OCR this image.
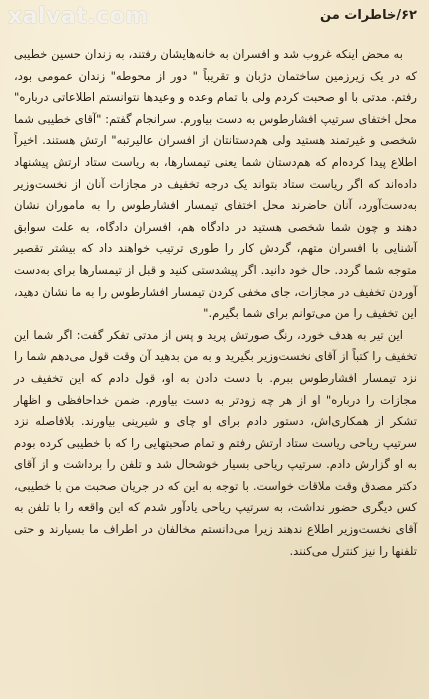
xalvat.com	۶۲/خاطرات من

به محض اینکه غروب شد و افسران به خانه‌هایشان رفتند، به زندان حسین خطیبی که در یک زیرزمین ساختمان دژبان و تقریباً " دور از محوطه" زندان عمومی بود، رفتم. مدتی با او صحبت کردم ولی با تمام وعده و وعیدها نتوانستم اطلاعاتی درباره" محل اختفای سرتیپ افشارطوس به دست بیاورم. سرانجام گفتم: "آقای خطیبی شما شخصی و غیرتمند هستید ولی هم‌دستانتان از افسران عالیرتبه" ارتش هستند. اخیراً اطلاع پیدا کرده‌ام که هم‌دستان شما یعنی تیمسارها، به ریاست ستاد ارتش پیشنهاد داده‌اند که اگر ریاست ستاد بتواند یک درجه تخفیف در مجازات آنان از نخست‌وزیر به‌دست‌آورد، آنان حاضرند محل اختفای تیمسار افشارطوس را به ماموران نشان دهند و چون شما شخصی هستید در دادگاه هم، افسران دادگاه، به علت سوابق آشنایی با افسران متهم، گردش کار را طوری ترتیب خواهند داد که بیشتر تقصیر متوجه شما گردد. حال خود دانید. اگر پیشدستی کنید و قبل از تیمسارها برای به‌دست آوردن تخفیف در مجازات، جای مخفی کردن تیمسار افشارطوس را به ما نشان دهید، این تخفیف را من می‌توانم برای شما بگیرم."

این تیر به هدف خورد، رنگ صورتش پرید و پس از مدتی تفکر گفت: اگر شما این تخفیف را کتباً از آقای نخست‌وزیر بگیرید و به من بدهید آن وقت قول می‌دهم شما را نزد تیمسار افشارطوس ببرم. با دست دادن به او، قول دادم که این تخفیف در مجازات را درباره" او از هر چه زودتر به دست بیاورم. ضمن خداحافظی و اظهار تشکر از همکاری‌اش، دستور دادم برای او چای و شیرینی بیاورند. بلافاصله نزد سرتیپ ریاحی ریاست ستاد ارتش رفتم و تمام صحبتهایی را که با خطیبی کرده بودم به او گزارش دادم. سرتیپ ریاحی بسیار خوشحال شد و تلفن را برداشت و از آقای دکتر مصدق وقت ملاقات خواست. با توجه به این که در جریان صحبت من با خطیبی، کس دیگری حضور نداشت، به سرتیپ ریاحی یادآور شدم که این واقعه را با تلفن به آقای نخست‌وزیر اطلاع ندهند زیرا می‌دانستم مخالفان در اطراف ما بسیارند و حتی تلفنها را نیز کنترل می‌کنند.
